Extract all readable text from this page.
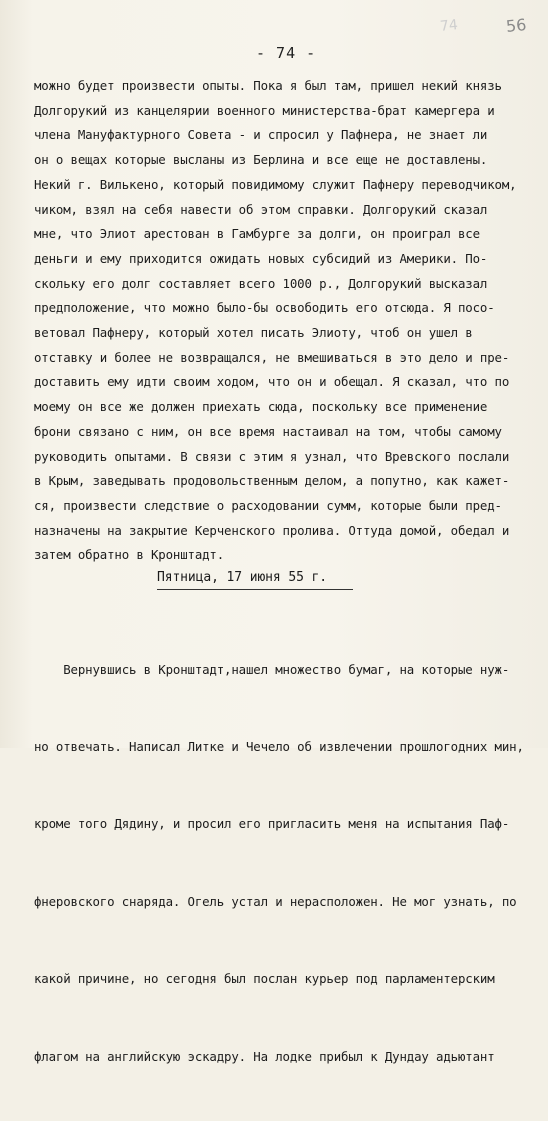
74	56
- 74 -
можно будет произвести опыты. Пока я был там, пришел некий князь
Долгорукий из канцелярии военного министерства-брат камергера и
члена Мануфактурного Совета - и спросил у Пафнера, не знает ли
он о вещах которые высланы из Берлина и все еще не доставлены.
Некий г. Вилькено, который повидимому служит Пафнеру переводчиком,
чиком, взял на себя навести об этом справки. Долгорукий сказал
мне, что Элиот арестован в Гамбурге за долги, он проиграл все
деньги и ему приходится ожидать новых субсидий из Америки. По-
скольку его долг составляет всего 1000 р., Долгорукий высказал
предположение, что можно было-бы освободить его отсюда. Я посо-
ветовал Пафнеру, который хотел писать Элиоту, чтоб он ушел в
отставку и более не возвращался, не вмешиваться в это дело и пре-
доставить ему идти своим ходом, что он и обещал. Я сказал, что по
моему он все же должен приехать сюда, поскольку все применение
брони связано с ним, он все время настаивал на том, чтобы самому
руководить опытами. В связи с этим я узнал, что Вревского послали
в Крым, заведывать продовольственным делом, а попутно, как кажет-
ся, произвести следствие о расходовании сумм, которые были пред-
назначены на закрытие Керченского пролива. Оттуда домой, обедал и
затем обратно в Кронштадт.
Пятница, 17 июня 55 г.

Вернувшись в Кронштадт,нашел множество бумаг, на которые нуж-

но отвечать. Написал Литке и Чечело об извлечении прошлогодних мин,

кроме того Дядину, и просил его пригласить меня на испытания Паф-

фнеровского снаряда. Огель устал и нерасположен. Не мог узнать, по

какой причине, но сегодня был послан курьер под парламентерским

флагом на английскую эскадру. На лодке прибыл к Дундау адьютант
